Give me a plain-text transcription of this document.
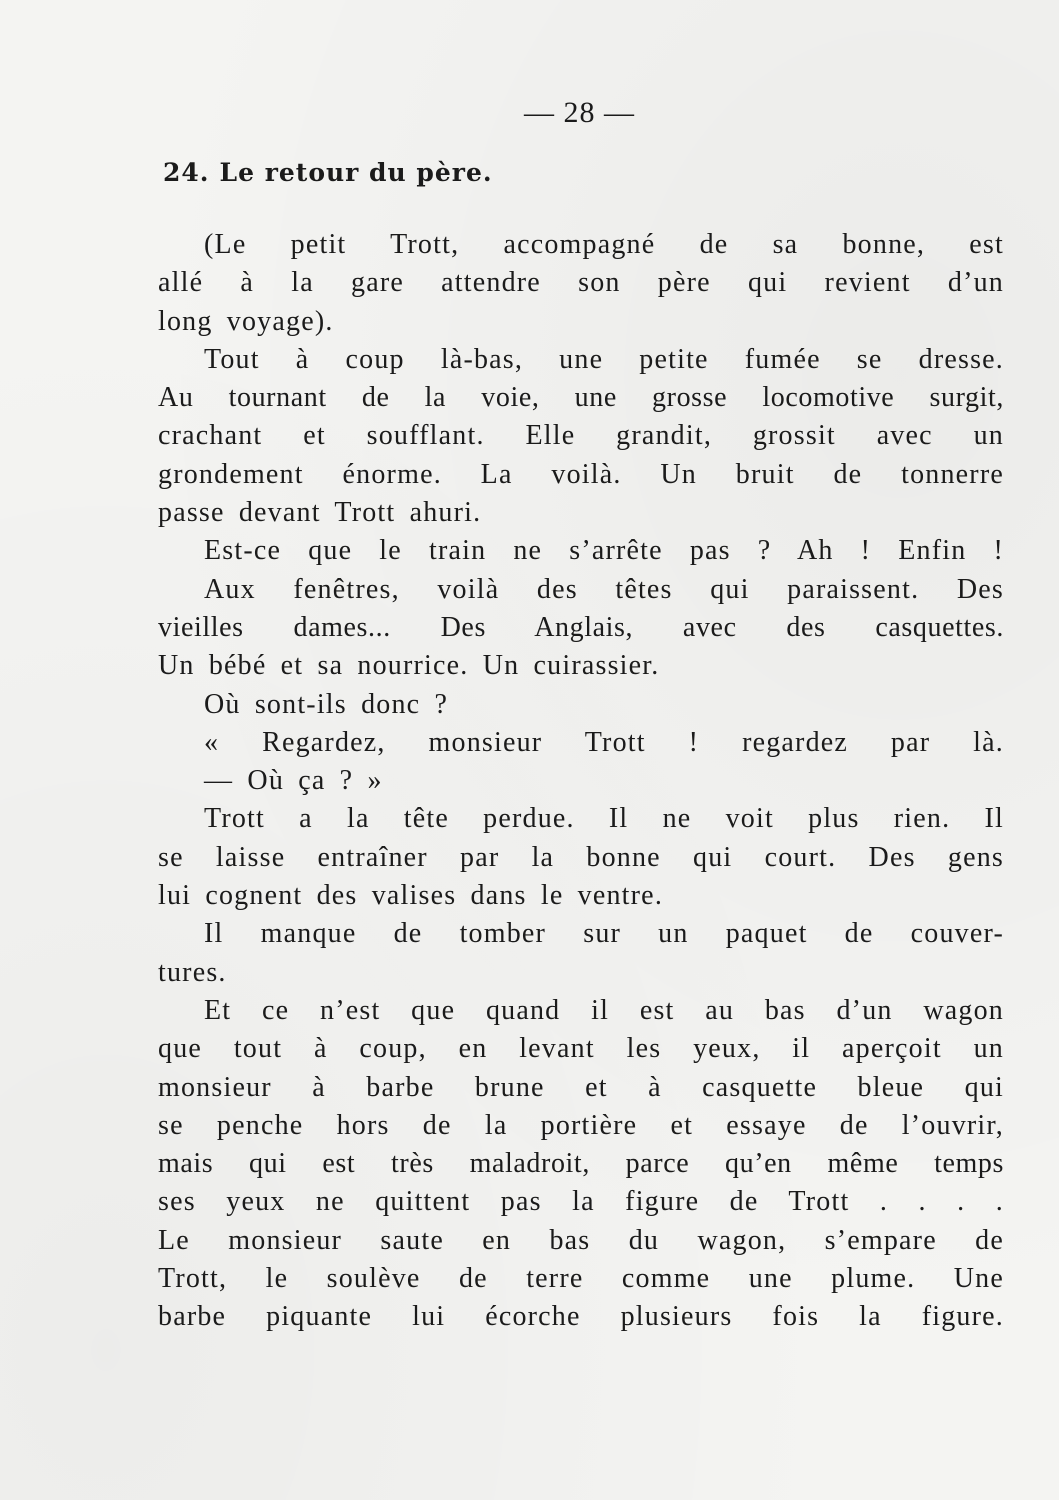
— 28 —
24. Le retour du père.
(Le petit Trott, accompagné de sa bonne, est
allé à la gare attendre son père qui revient d’un
long voyage).
Tout à coup là-bas, une petite fumée se dresse.
Au tournant de la voie, une grosse locomotive surgit,
crachant et soufflant. Elle grandit, grossit avec un
grondement énorme. La voilà. Un bruit de tonnerre
passe devant Trott ahuri.
Est-ce que le train ne s’arrête pas ? Ah ! Enfin !
Aux fenêtres, voilà des têtes qui paraissent. Des
vieilles dames... Des Anglais, avec des casquettes.
Un bébé et sa nourrice. Un cuirassier.
Où sont-ils donc ?
« Regardez, monsieur Trott ! regardez par là.
— Où ça ? »
Trott a la tête perdue. Il ne voit plus rien. Il
se laisse entraîner par la bonne qui court. Des gens
lui cognent des valises dans le ventre.
Il manque de tomber sur un paquet de couver-
tures.
Et ce n’est que quand il est au bas d’un wagon
que tout à coup, en levant les yeux, il aperçoit un
monsieur à barbe brune et à casquette bleue qui
se penche hors de la portière et essaye de l’ouvrir,
mais qui est très maladroit, parce qu’en même temps
ses yeux ne quittent pas la figure de Trott . . . .
Le monsieur saute en bas du wagon, s’empare de
Trott, le soulève de terre comme une plume. Une
barbe piquante lui écorche plusieurs fois la figure.
